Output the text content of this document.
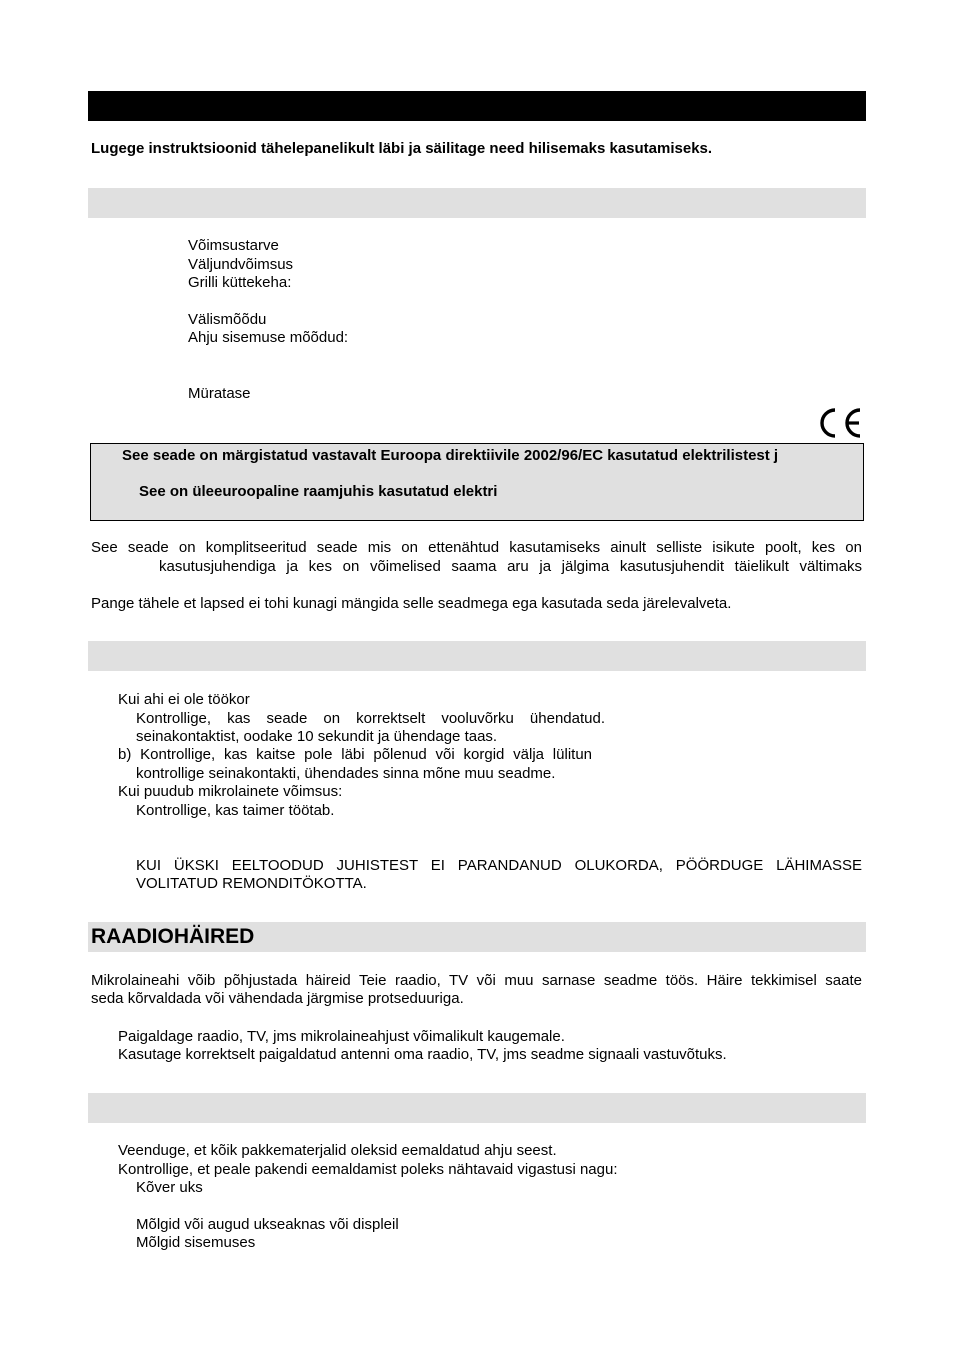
Lugege instruktsioonid tähelepanelikult läbi ja säilitage need hilisemaks kasutamiseks.
Võimsustarve
Väljundvõimsus
Grilli küttekeha:
Välismõõdu
Ahju sisemuse mõõdud:
Müratase
See seade on märgistatud vastavalt Euroopa direktiivile 2002/96/EC kasutatud elektrilistest j
See on üleeuroopaline raamjuhis kasutatud elektri
See seade on komplitseeritud seade mis on ettenähtud kasutamiseks ainult selliste isikute poolt, kes on
kasutusjuhendiga ja kes on võimelised saama aru ja jälgima kasutusjuhendit täielikult vältimaks
Pange tähele et lapsed ei tohi kunagi mängida selle seadmega ega kasutada seda järelevalveta.
Kui ahi ei ole töökor
Kontrollige, kas seade on korrektselt vooluvõrku ühendatud.
seinakontaktist, oodake 10 sekundit ja ühendage taas.
b) Kontrollige, kas kaitse pole läbi põlenud või korgid välja lülitun
kontrollige seinakontakti, ühendades sinna mõne muu seadme.
Kui puudub mikrolainete võimsus:
Kontrollige, kas taimer töötab.
KUI ÜKSKI EELTOODUD JUHISTEST EI PARANDANUD OLUKORDA, PÖÖRDUGE LÄHIMASSE
VOLITATUD REMONDITÖKOTTA.
RAADIOHÄIRED
Mikrolaineahi võib põhjustada häireid Teie raadio, TV või muu sarnase seadme töös. Häire tekkimisel saate
seda kõrvaldada või vähendada järgmise protseduuriga.
Paigaldage raadio, TV, jms mikrolaineahjust võimalikult kaugemale.
Kasutage korrektselt paigaldatud antenni oma raadio, TV, jms seadme signaali vastuvõtuks.
Veenduge, et kõik pakkematerjalid oleksid eemaldatud ahju seest.
Kontrollige, et peale pakendi eemaldamist poleks nähtavaid vigastusi nagu:
Kõver uks
Mõlgid või augud ukseaknas või displeil
Mõlgid sisemuses
